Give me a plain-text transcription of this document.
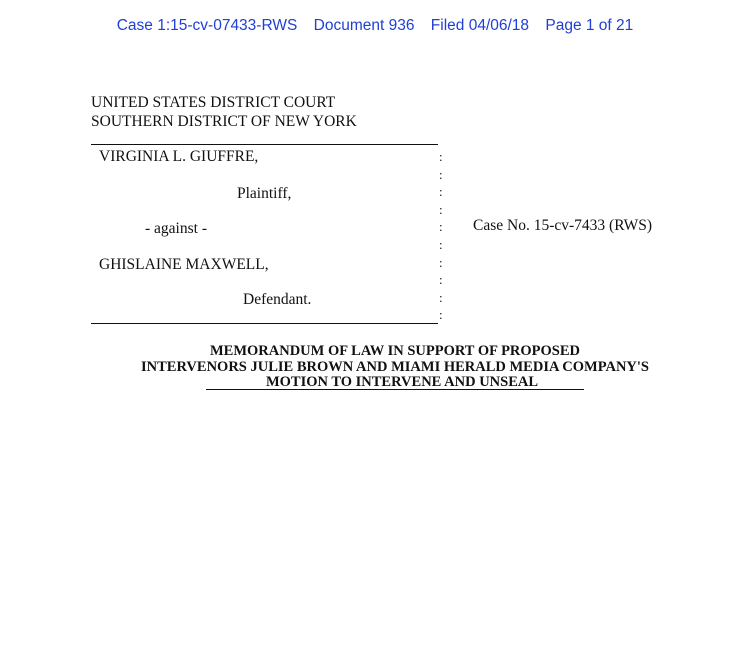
Case 1:15-cv-07433-RWS Document 936 Filed 04/06/18 Page 1 of 21
UNITED STATES DISTRICT COURT
SOUTHERN DISTRICT OF NEW YORK
VIRGINIA L. GIUFFRE,
Plaintiff,
- against -
GHISLAINE MAXWELL,
Defendant.
:
:
:
:
:
:
:
:
:
:
Case No. 15-cv-7433 (RWS)
MEMORANDUM OF LAW IN SUPPORT OF PROPOSED
INTERVENORS JULIE BROWN AND MIAMI HERALD MEDIA COMPANY'S
MOTION TO INTERVENE AND UNSEAL
